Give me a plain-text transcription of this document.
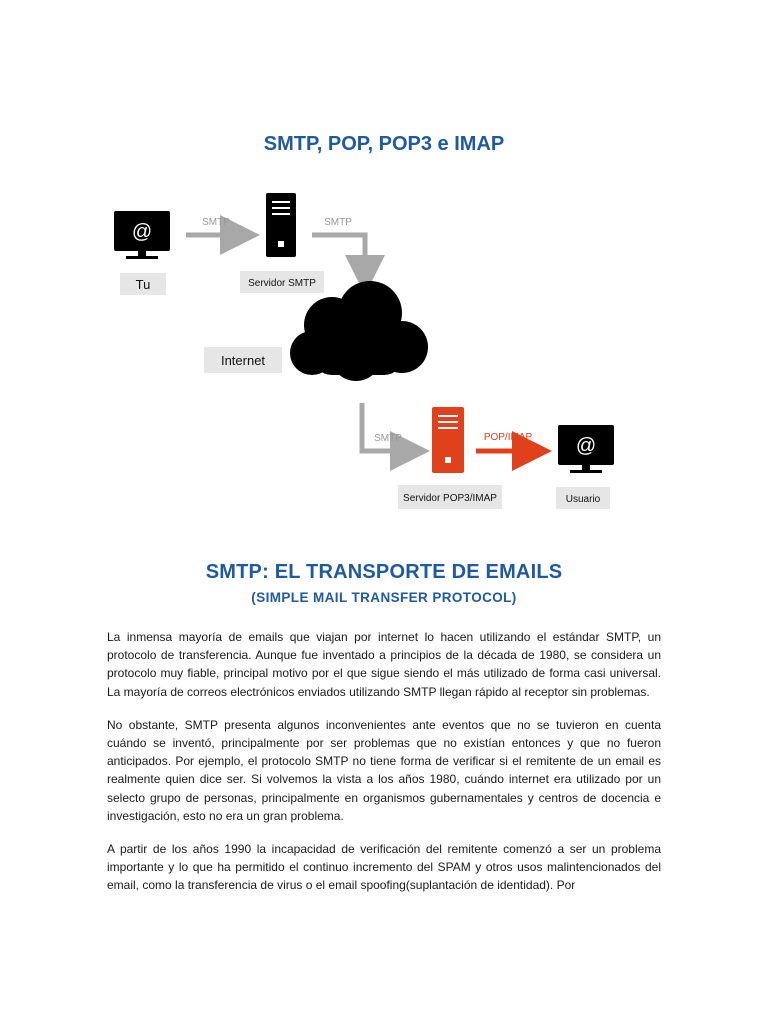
SMTP, POP, POP3 e IMAP
@
Tu
SMTP
Servidor SMTP
SMTP
Internet
SMTP
Servidor POP3/IMAP
POP/IMAP @
Usuario
SMTP: EL TRANSPORTE DE EMAILS
(SIMPLE MAIL TRANSFER PROTOCOL)

La inmensa mayoría de emails que viajan por internet lo hacen utilizando el estándar SMTP, un protocolo de transferencia. Aunque fue inventado a principios de la década de 1980, se considera un protocolo muy fiable, principal motivo por el que sigue siendo el más utilizado de forma casi universal. La mayoría de correos electrónicos enviados utilizando SMTP llegan rápido al receptor sin problemas.

No obstante, SMTP presenta algunos inconvenientes ante eventos que no se tuvieron en cuenta cuándo se inventó, principalmente por ser problemas que no existían entonces y que no fueron anticipados. Por ejemplo, el protocolo SMTP no tiene forma de verificar si el remitente de un email es realmente quien dice ser. Si volvemos la vista a los años 1980, cuándo internet era utilizado por un selecto grupo de personas, principalmente en organismos gubernamentales y centros de docencia e investigación, esto no era un gran problema.

A partir de los años 1990 la incapacidad de verificación del remitente comenzó a ser un problema importante y lo que ha permitido el continuo incremento del SPAM y otros usos malintencionados del email, como la transferencia de virus o el email spoofing(suplantación de identidad). Por
